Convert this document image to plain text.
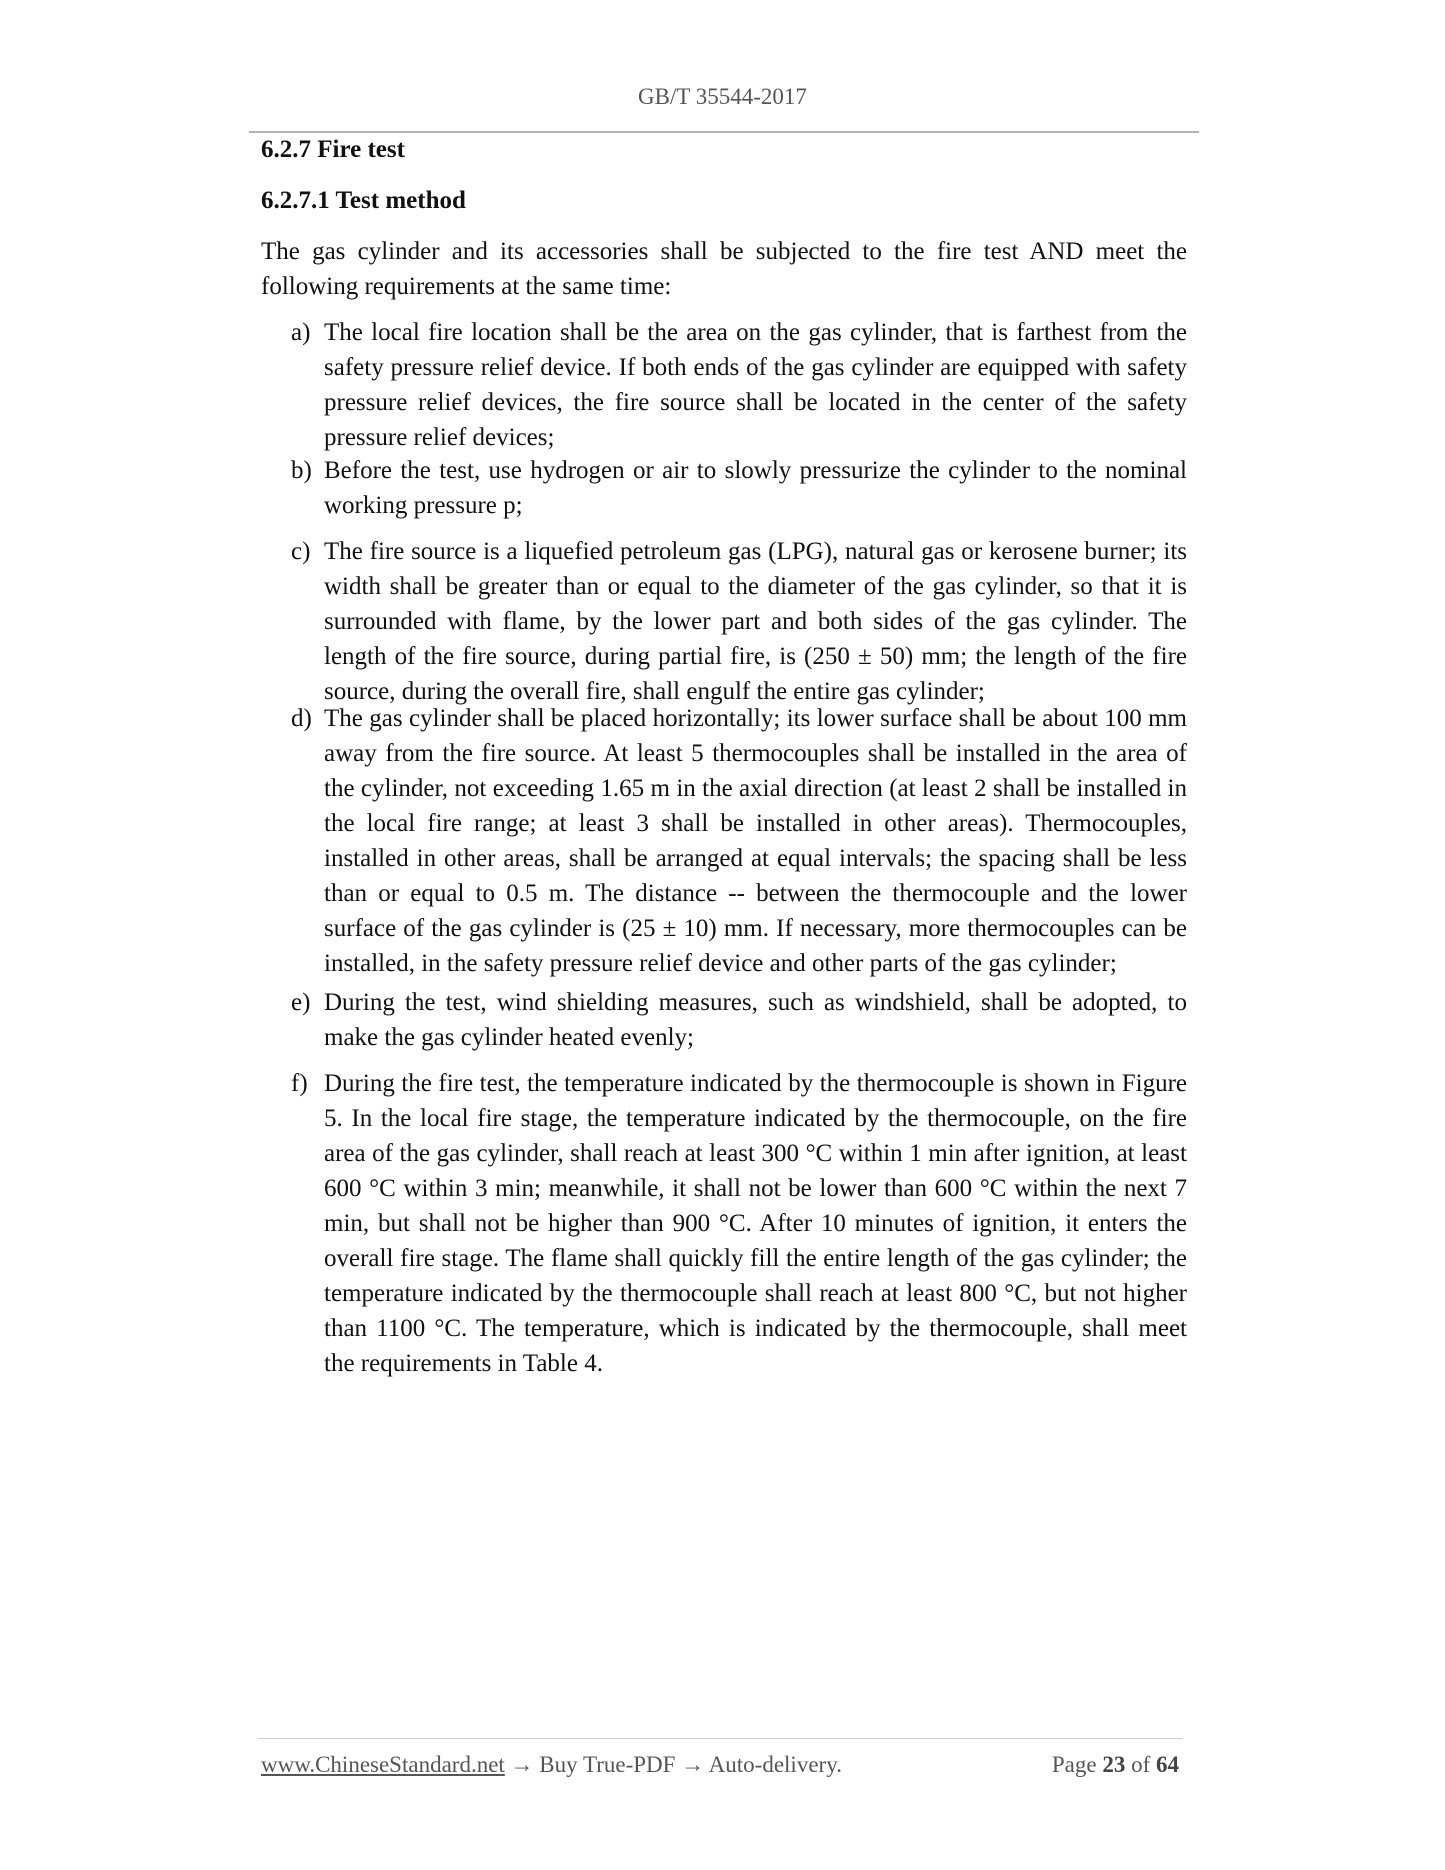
GB/T 35544-2017
6.2.7 Fire test
6.2.7.1 Test method
The gas cylinder and its accessories shall be subjected to the fire test AND meet the following requirements at the same time:
a) The local fire location shall be the area on the gas cylinder, that is farthest from the safety pressure relief device. If both ends of the gas cylinder are equipped with safety pressure relief devices, the fire source shall be located in the center of the safety pressure relief devices;
b) Before the test, use hydrogen or air to slowly pressurize the cylinder to the nominal working pressure p;
c) The fire source is a liquefied petroleum gas (LPG), natural gas or kerosene burner; its width shall be greater than or equal to the diameter of the gas cylinder, so that it is surrounded with flame, by the lower part and both sides of the gas cylinder. The length of the fire source, during partial fire, is (250 ± 50) mm; the length of the fire source, during the overall fire, shall engulf the entire gas cylinder;
d) The gas cylinder shall be placed horizontally; its lower surface shall be about 100 mm away from the fire source. At least 5 thermocouples shall be installed in the area of the cylinder, not exceeding 1.65 m in the axial direction (at least 2 shall be installed in the local fire range; at least 3 shall be installed in other areas). Thermocouples, installed in other areas, shall be arranged at equal intervals; the spacing shall be less than or equal to 0.5 m. The distance -- between the thermocouple and the lower surface of the gas cylinder is (25 ± 10) mm. If necessary, more thermocouples can be installed, in the safety pressure relief device and other parts of the gas cylinder;
e) During the test, wind shielding measures, such as windshield, shall be adopted, to make the gas cylinder heated evenly;
f) During the fire test, the temperature indicated by the thermocouple is shown in Figure 5. In the local fire stage, the temperature indicated by the thermocouple, on the fire area of the gas cylinder, shall reach at least 300 °C within 1 min after ignition, at least 600 °C within 3 min; meanwhile, it shall not be lower than 600 °C within the next 7 min, but shall not be higher than 900 °C. After 10 minutes of ignition, it enters the overall fire stage. The flame shall quickly fill the entire length of the gas cylinder; the temperature indicated by the thermocouple shall reach at least 800 °C, but not higher than 1100 °C. The temperature, which is indicated by the thermocouple, shall meet the requirements in Table 4.
www.ChineseStandard.net → Buy True-PDF → Auto-delivery.	Page 23 of 64
